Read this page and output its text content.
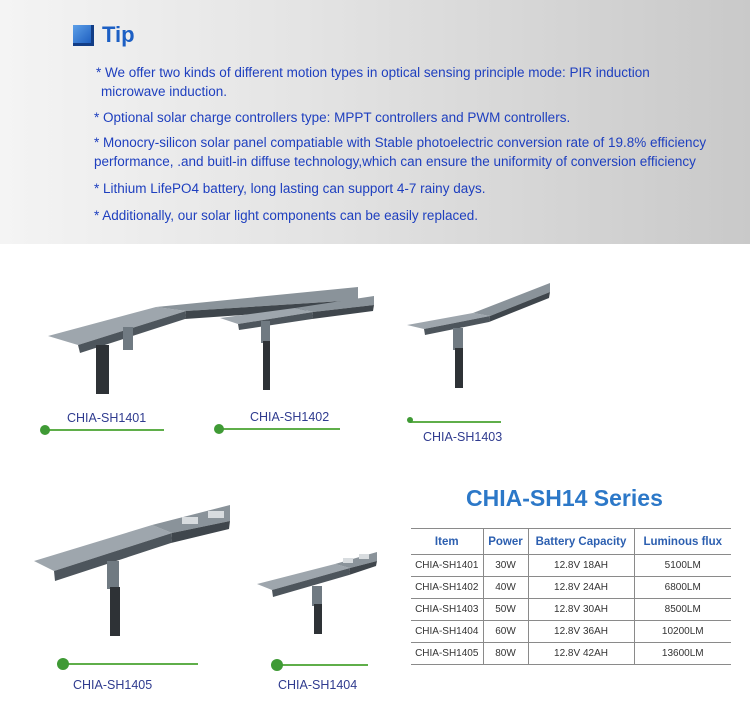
Tip

* We offer two kinds of different motion types in optical sensing principle mode: PIR induction

microwave induction.

* Optional solar charge controllers type: MPPT controllers and PWM controllers.

* Monocry-silicon solar panel compatiable with Stable photoelectric conversion rate of 19.8% efficiency

performance, .and buitl-in diffuse technology,which can ensure the uniformity of conversion efficiency

* Lithium LifePO4 battery, long lasting can support 4-7 rainy days.

* Additionally, our solar light components can be easily replaced.

CHIA-SH1401	CHIA-SH1402
CHIA-SH1403
CHIA-SH1405	CHIA-SH1404
CHIA-SH14 Series
Item	Power	Battery Capacity	Luminous flux
CHIA-SH1401	30W	12.8V 18AH	5100LM
CHIA-SH1402	40W	12.8V 24AH	6800LM
CHIA-SH1403	50W	12.8V 30AH	8500LM
CHIA-SH1404	60W	12.8V 36AH	10200LM
CHIA-SH1405	80W	12.8V 42AH	13600LM
